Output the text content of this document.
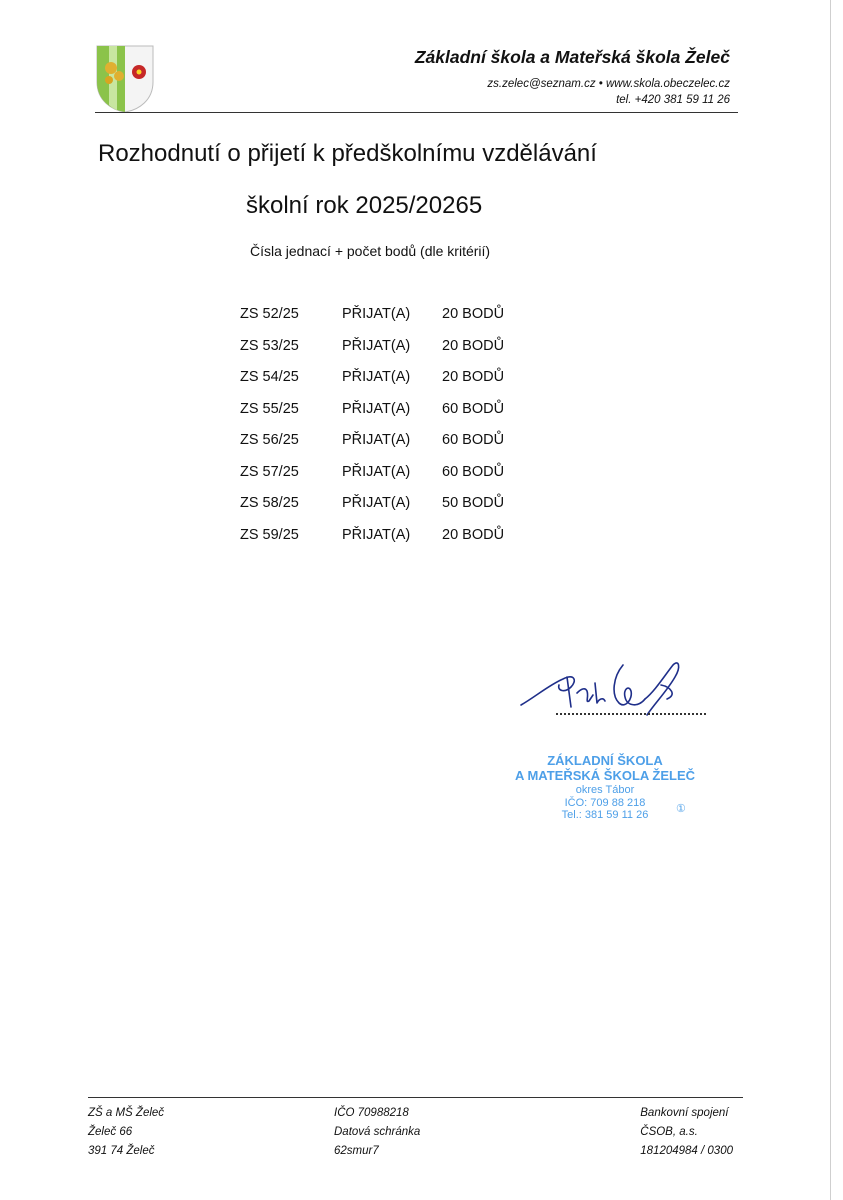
Základní škola a Mateřská škola Želeč
zs.zelec@seznam.cz • www.skola.obeczelec.cz
tel. +420 381 59 11 26
Rozhodnutí o přijetí k předškolnímu vzdělávání
školní rok 2025/20265
Čísla jednací + počet bodů (dle kritérií)
ZS 52/25	PŘIJAT(A)	20 BODŮ
ZS 53/25	PŘIJAT(A)	20 BODŮ
ZS 54/25	PŘIJAT(A)	20 BODŮ
ZS 55/25	PŘIJAT(A)	60 BODŮ
ZS 56/25	PŘIJAT(A)	60 BODŮ
ZS 57/25	PŘIJAT(A)	60 BODŮ
ZS 58/25	PŘIJAT(A)	50 BODŮ
ZS 59/25	PŘIJAT(A)	20 BODŮ
ZÁKLADNÍ ŠKOLA
A MATEŘSKÁ ŠKOLA ŽELEČ
okres Tábor
IČO: 709 88 218
Tel.: 381 59 11 26
①
ZŠ a MŠ Želeč
Želeč 66
391 74 Želeč
IČO 70988218
Datová schránka
62smur7
Bankovní spojení
ČSOB, a.s.
181204984 / 0300
